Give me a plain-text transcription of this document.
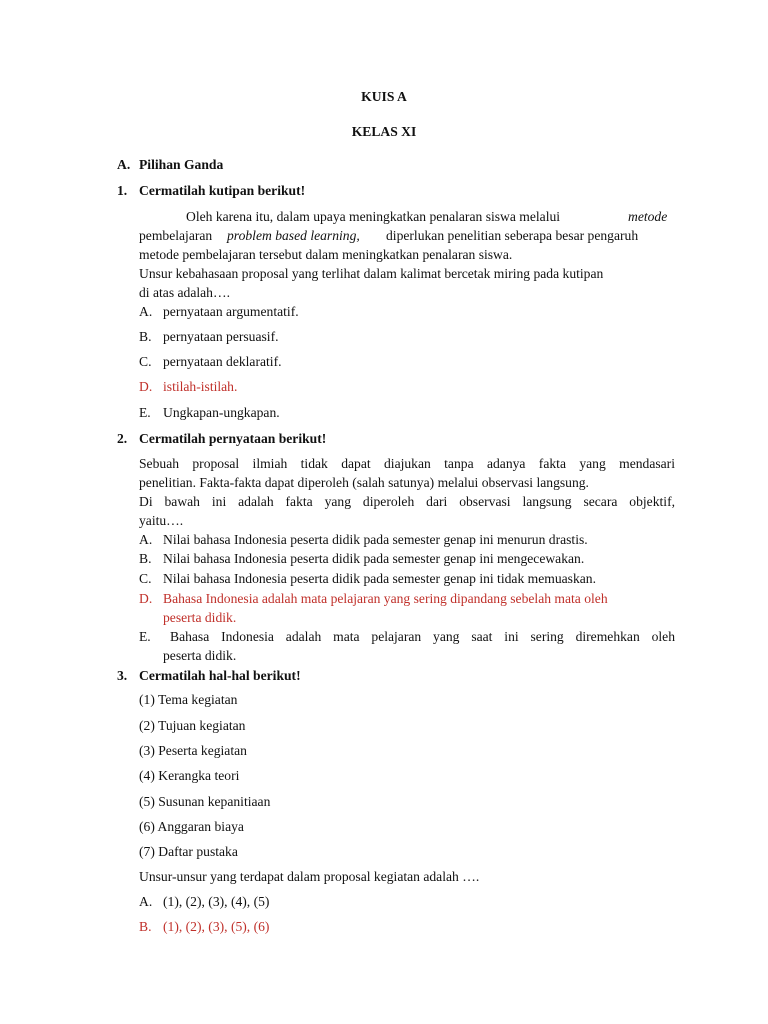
KUIS A
KELAS XI
A. Pilihan Ganda
1. Cermatilah kutipan berikut!
Oleh karena itu, dalam upaya meningkatkan penalaran siswa melalui	metode
pembelajaran problem based learning, diperlukan penelitian seberapa besar pengaruh
metode pembelajaran tersebut dalam meningkatkan penalaran siswa.
Unsur kebahasaan proposal yang terlihat dalam kalimat bercetak miring pada kutipan
di atas adalah….
A. pernyataan argumentatif.
B. pernyataan persuasif.
C. pernyataan deklaratif.
D. istilah-istilah.
E. Ungkapan-ungkapan.
2. Cermatilah pernyataan berikut!
Sebuah proposal ilmiah tidak dapat diajukan tanpa adanya fakta yang mendasari
penelitian. Fakta-fakta dapat diperoleh (salah satunya) melalui observasi langsung.
Di bawah ini adalah fakta yang diperoleh dari observasi langsung secara objektif,
yaitu….
A. Nilai bahasa Indonesia peserta didik pada semester genap ini menurun drastis.
B. Nilai bahasa Indonesia peserta didik pada semester genap ini mengecewakan.
C. Nilai bahasa Indonesia peserta didik pada semester genap ini tidak memuaskan.
D. Bahasa Indonesia adalah mata pelajaran yang sering dipandang sebelah mata oleh
peserta didik.
E. Bahasa Indonesia adalah mata pelajaran yang saat ini sering diremehkan oleh
peserta didik.
3. Cermatilah hal-hal berikut!
(1) Tema kegiatan
(2) Tujuan kegiatan
(3) Peserta kegiatan
(4) Kerangka teori
(5) Susunan kepanitiaan
(6) Anggaran biaya
(7) Daftar pustaka
Unsur-unsur yang terdapat dalam proposal kegiatan adalah ….
A. (1), (2), (3), (4), (5)
B. (1), (2), (3), (5), (6)
